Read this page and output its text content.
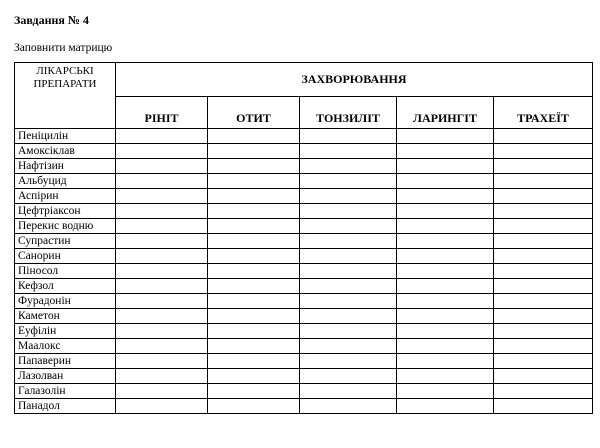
Завдання № 4
Заповнити матрицю
ЛІКАРСЬКІ ПРЕПАРАТИ	ЗАХВОРЮВАННЯ				
	РІНІТ	ОТИТ	ТОНЗИЛІТ	ЛАРИНГІТ	ТРАХЕЇТ
Пеніцилін					
Амоксіклав					
Нафтізин					
Альбуцид					
Аспірин					
Цефтріаксон					
Перекис водню					
Супрастин					
Санорин					
Піносол					
Кефзол					
Фурадонін					
Каметон					
Еуфілін					
Маалокс					
Папаверин					
Лазолван					
Галазолін					
Панадол					
